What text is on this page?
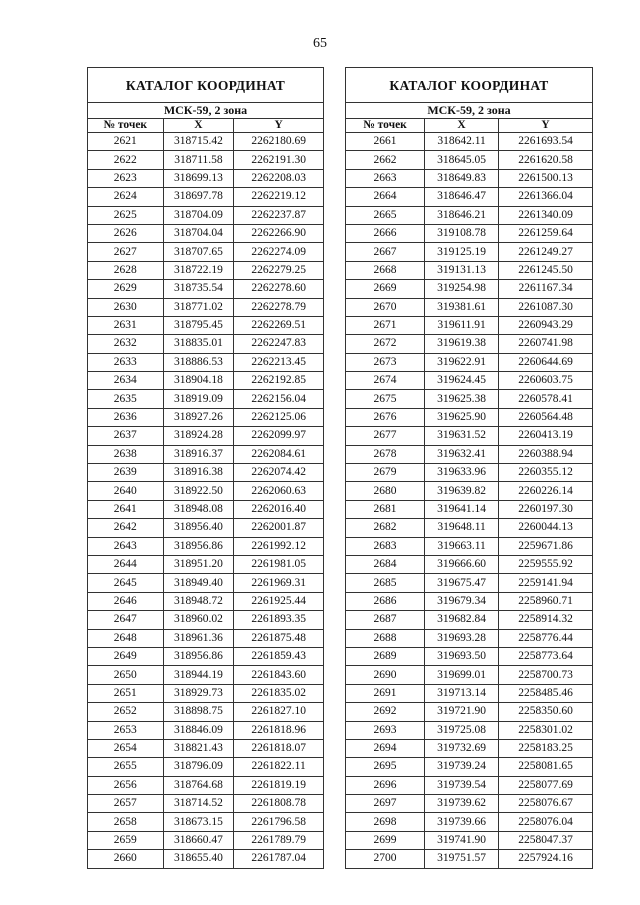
65
КАТАЛОГ КООРДИНАТ		
МСК-59, 2 зона		
№ точек	X	Y
2621	318715.42	2262180.69
2622	318711.58	2262191.30
2623	318699.13	2262208.03
2624	318697.78	2262219.12
2625	318704.09	2262237.87
2626	318704.04	2262266.90
2627	318707.65	2262274.09
2628	318722.19	2262279.25
2629	318735.54	2262278.60
2630	318771.02	2262278.79
2631	318795.45	2262269.51
2632	318835.01	2262247.83
2633	318886.53	2262213.45
2634	318904.18	2262192.85
2635	318919.09	2262156.04
2636	318927.26	2262125.06
2637	318924.28	2262099.97
2638	318916.37	2262084.61
2639	318916.38	2262074.42
2640	318922.50	2262060.63
2641	318948.08	2262016.40
2642	318956.40	2262001.87
2643	318956.86	2261992.12
2644	318951.20	2261981.05
2645	318949.40	2261969.31
2646	318948.72	2261925.44
2647	318960.02	2261893.35
2648	318961.36	2261875.48
2649	318956.86	2261859.43
2650	318944.19	2261843.60
2651	318929.73	2261835.02
2652	318898.75	2261827.10
2653	318846.09	2261818.96
2654	318821.43	2261818.07
2655	318796.09	2261822.11
2656	318764.68	2261819.19
2657	318714.52	2261808.78
2658	318673.15	2261796.58
2659	318660.47	2261789.79
2660	318655.40	2261787.04
КАТАЛОГ КООРДИНАТ		
МСК-59, 2 зона		
№ точек	X	Y
2661	318642.11	2261693.54
2662	318645.05	2261620.58
2663	318649.83	2261500.13
2664	318646.47	2261366.04
2665	318646.21	2261340.09
2666	319108.78	2261259.64
2667	319125.19	2261249.27
2668	319131.13	2261245.50
2669	319254.98	2261167.34
2670	319381.61	2261087.30
2671	319611.91	2260943.29
2672	319619.38	2260741.98
2673	319622.91	2260644.69
2674	319624.45	2260603.75
2675	319625.38	2260578.41
2676	319625.90	2260564.48
2677	319631.52	2260413.19
2678	319632.41	2260388.94
2679	319633.96	2260355.12
2680	319639.82	2260226.14
2681	319641.14	2260197.30
2682	319648.11	2260044.13
2683	319663.11	2259671.86
2684	319666.60	2259555.92
2685	319675.47	2259141.94
2686	319679.34	2258960.71
2687	319682.84	2258914.32
2688	319693.28	2258776.44
2689	319693.50	2258773.64
2690	319699.01	2258700.73
2691	319713.14	2258485.46
2692	319721.90	2258350.60
2693	319725.08	2258301.02
2694	319732.69	2258183.25
2695	319739.24	2258081.65
2696	319739.54	2258077.69
2697	319739.62	2258076.67
2698	319739.66	2258076.04
2699	319741.90	2258047.37
2700	319751.57	2257924.16
